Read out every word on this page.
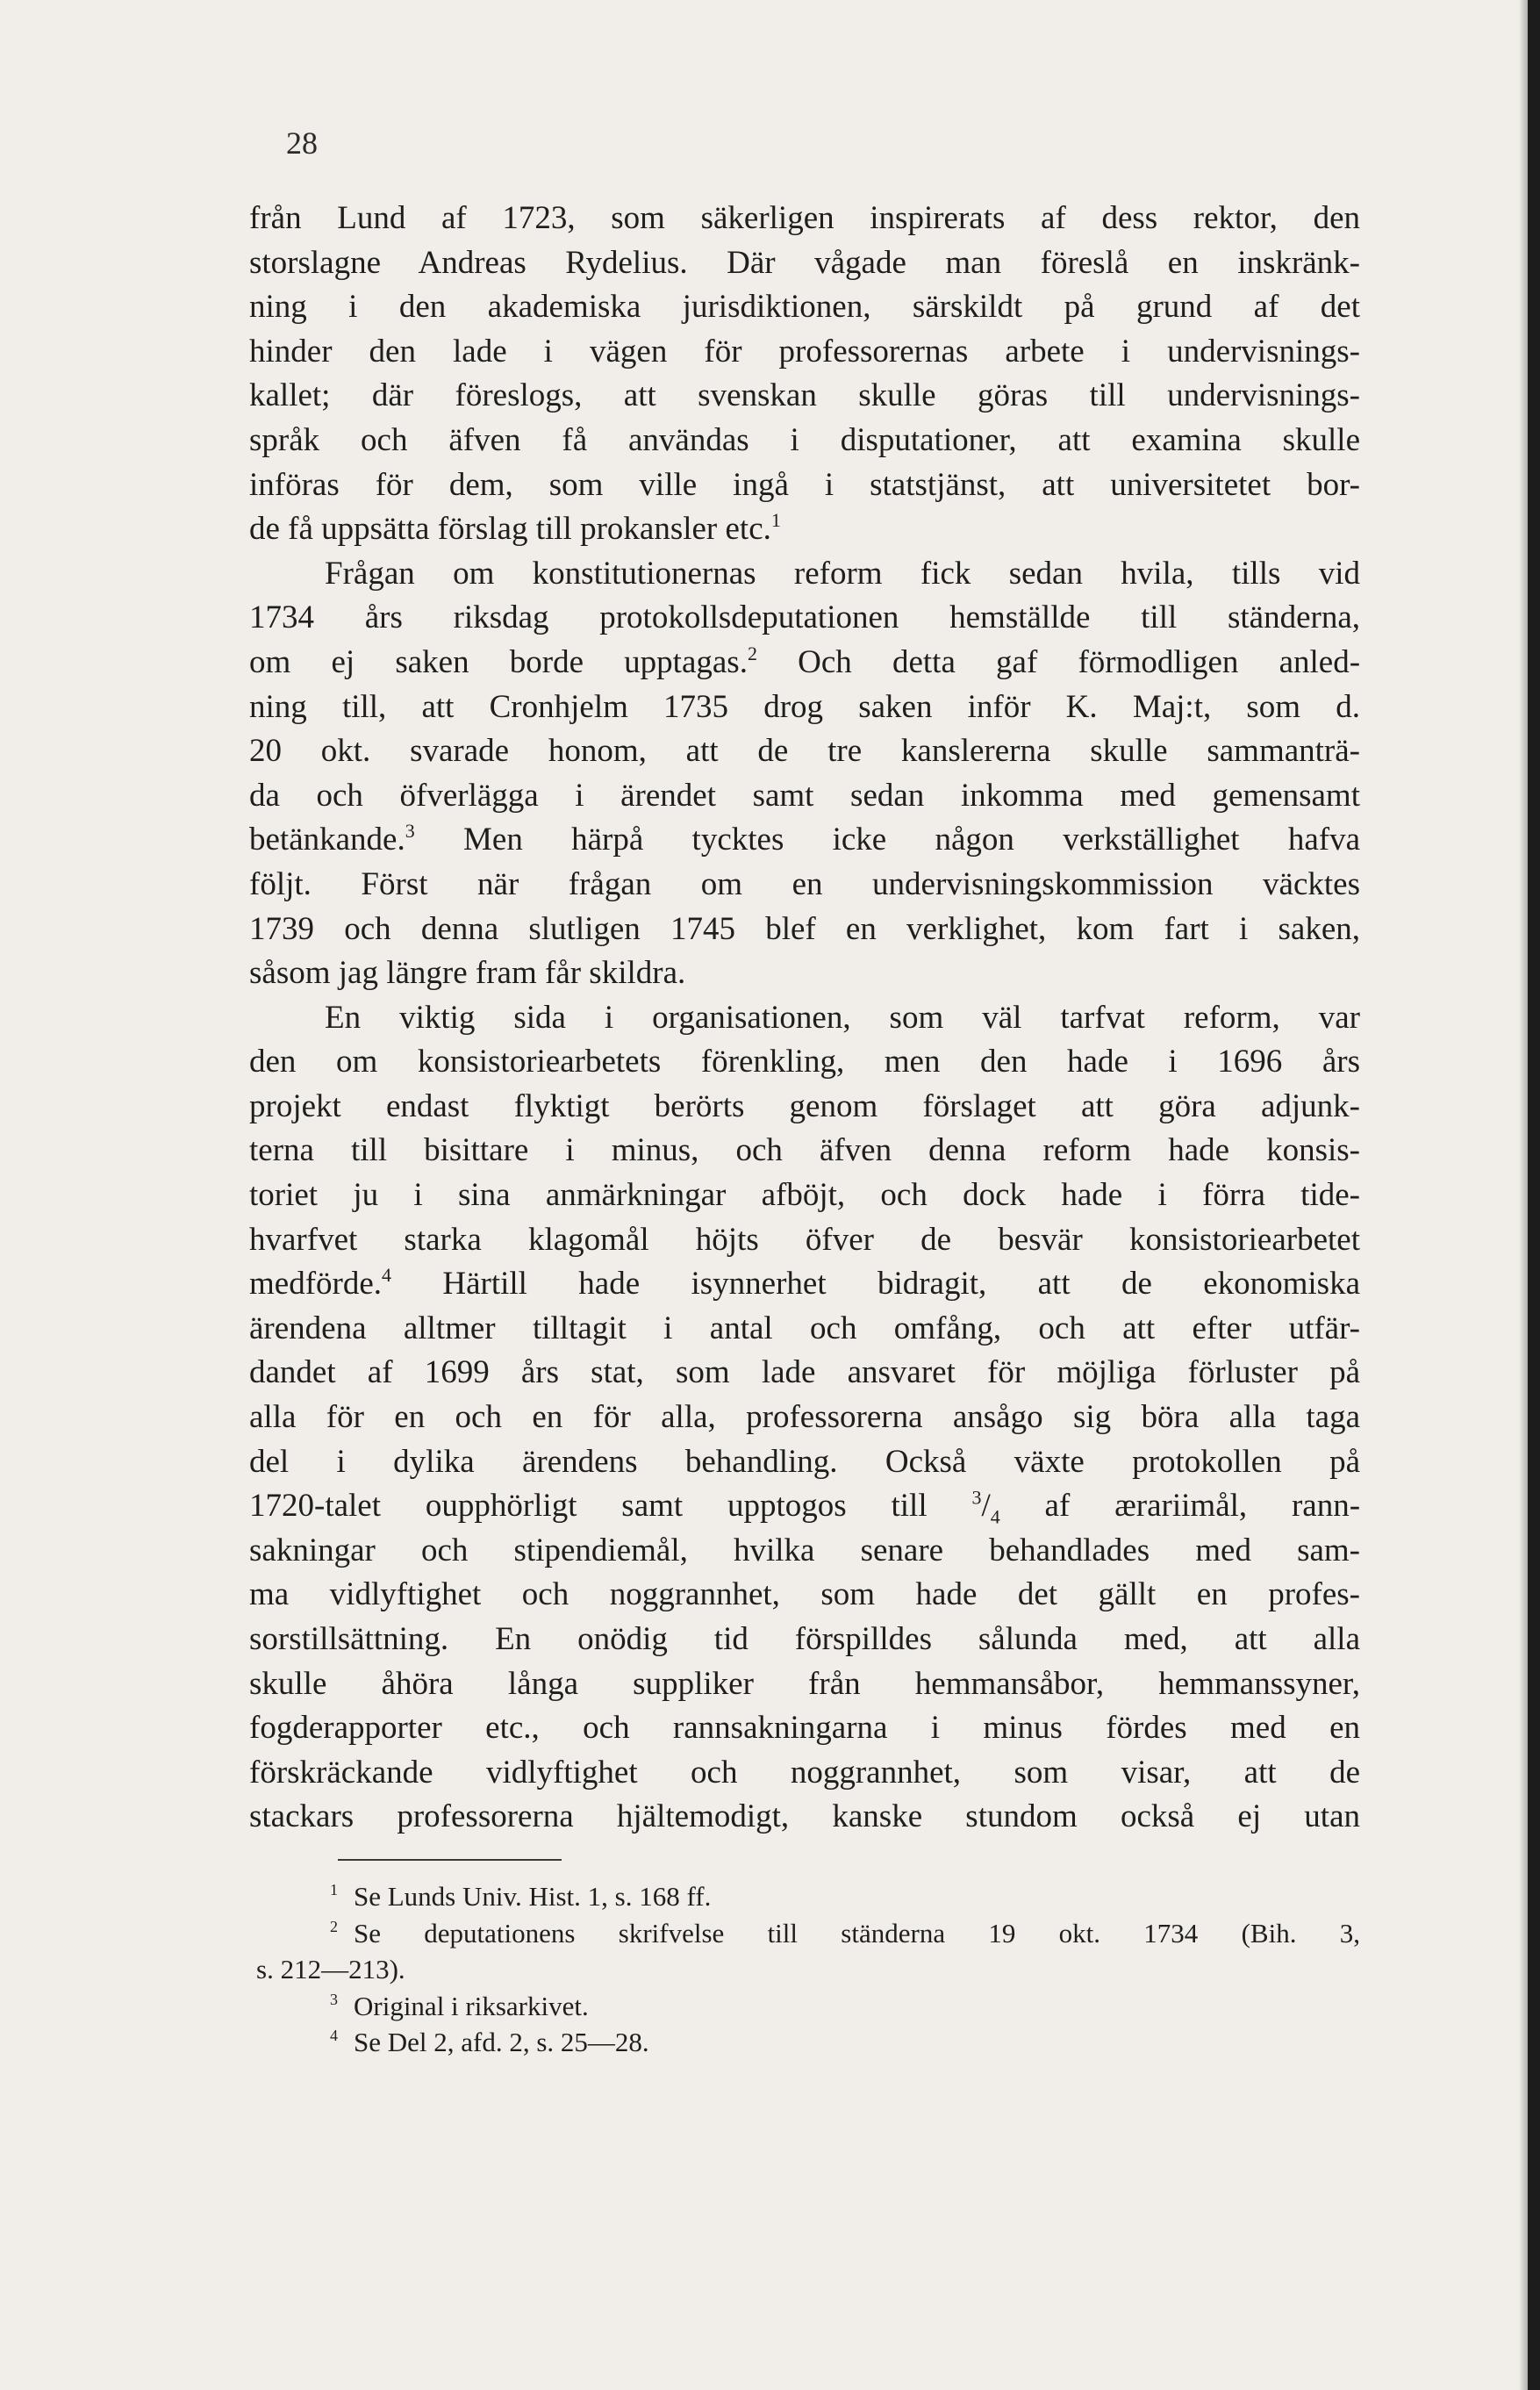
28

från Lund af 1723, som säkerligen inspirerats af dess rektor, den
storslagne Andreas Rydelius. Där vågade man föreslå en inskränk-
ning i den akademiska jurisdiktionen, särskildt på grund af det
hinder den lade i vägen för professorernas arbete i undervisnings-
kallet; där föreslogs, att svenskan skulle göras till undervisnings-
språk och äfven få användas i disputationer, att examina skulle
införas för dem, som ville ingå i statstjänst, att universitetet bor-
de få uppsätta förslag till prokansler etc.$^1$
Frågan om konstitutionernas reform fick sedan hvila, tills vid
1734 års riksdag protokollsdeputationen hemställde till ständerna,
om ej saken borde upptagas.$^2$ Och detta gaf förmodligen anled-
ning till, att Cronhjelm 1735 drog saken inför K. Maj:t, som d.
20 okt. svarade honom, att de tre kanslererna skulle sammanträ-
da och öfverlägga i ärendet samt sedan inkomma med gemensamt
betänkande.$^3$ Men härpå tycktes icke någon verkställighet hafva
följt. Först när frågan om en undervisningskommission väcktes
1739 och denna slutligen 1745 blef en verklighet, kom fart i saken,
såsom jag längre fram får skildra.
En viktig sida i organisationen, som väl tarfvat reform, var
den om konsistoriearbetets förenkling, men den hade i 1696 års
projekt endast flyktigt berörts genom förslaget att göra adjunk-
terna till bisittare i minus, och äfven denna reform hade konsis-
toriet ju i sina anmärkningar afböjt, och dock hade i förra tide-
hvarfvet starka klagomål höjts öfver de besvär konsistoriearbetet
medförde.$^4$ Härtill hade isynnerhet bidragit, att de ekonomiska
ärendena alltmer tilltagit i antal och omfång, och att efter utfär-
dandet af 1699 års stat, som lade ansvaret för möjliga förluster på
alla för en och en för alla, professorerna ansågo sig böra alla taga
del i dylika ärendens behandling. Också växte protokollen på
1720-talet oupphörligt samt upptogos till $^3/_4$ af ærariimål, rann-
sakningar och stipendiemål, hvilka senare behandlades med sam-
ma vidlyftighet och noggrannhet, som hade det gällt en profes-
sorstillsättning. En onödig tid förspilldes sålunda med, att alla
skulle åhöra långa suppliker från hemmansåbor, hemmanssyner,
fogderapporter etc., och rannsakningarna i minus fördes med en
förskräckande vidlyftighet och noggrannhet, som visar, att de
stackars professorerna hjältemodigt, kanske stundom också ej utan
$^1$ Se Lunds Univ. Hist. 1, s. 168 ff.
$^2$ Se deputationens skrifvelse till ständerna 19 okt. 1734 (Bih. 3,
s. 212—213).
$^3$ Original i riksarkivet.
$^4$ Se Del 2, afd. 2, s. 25—28.
